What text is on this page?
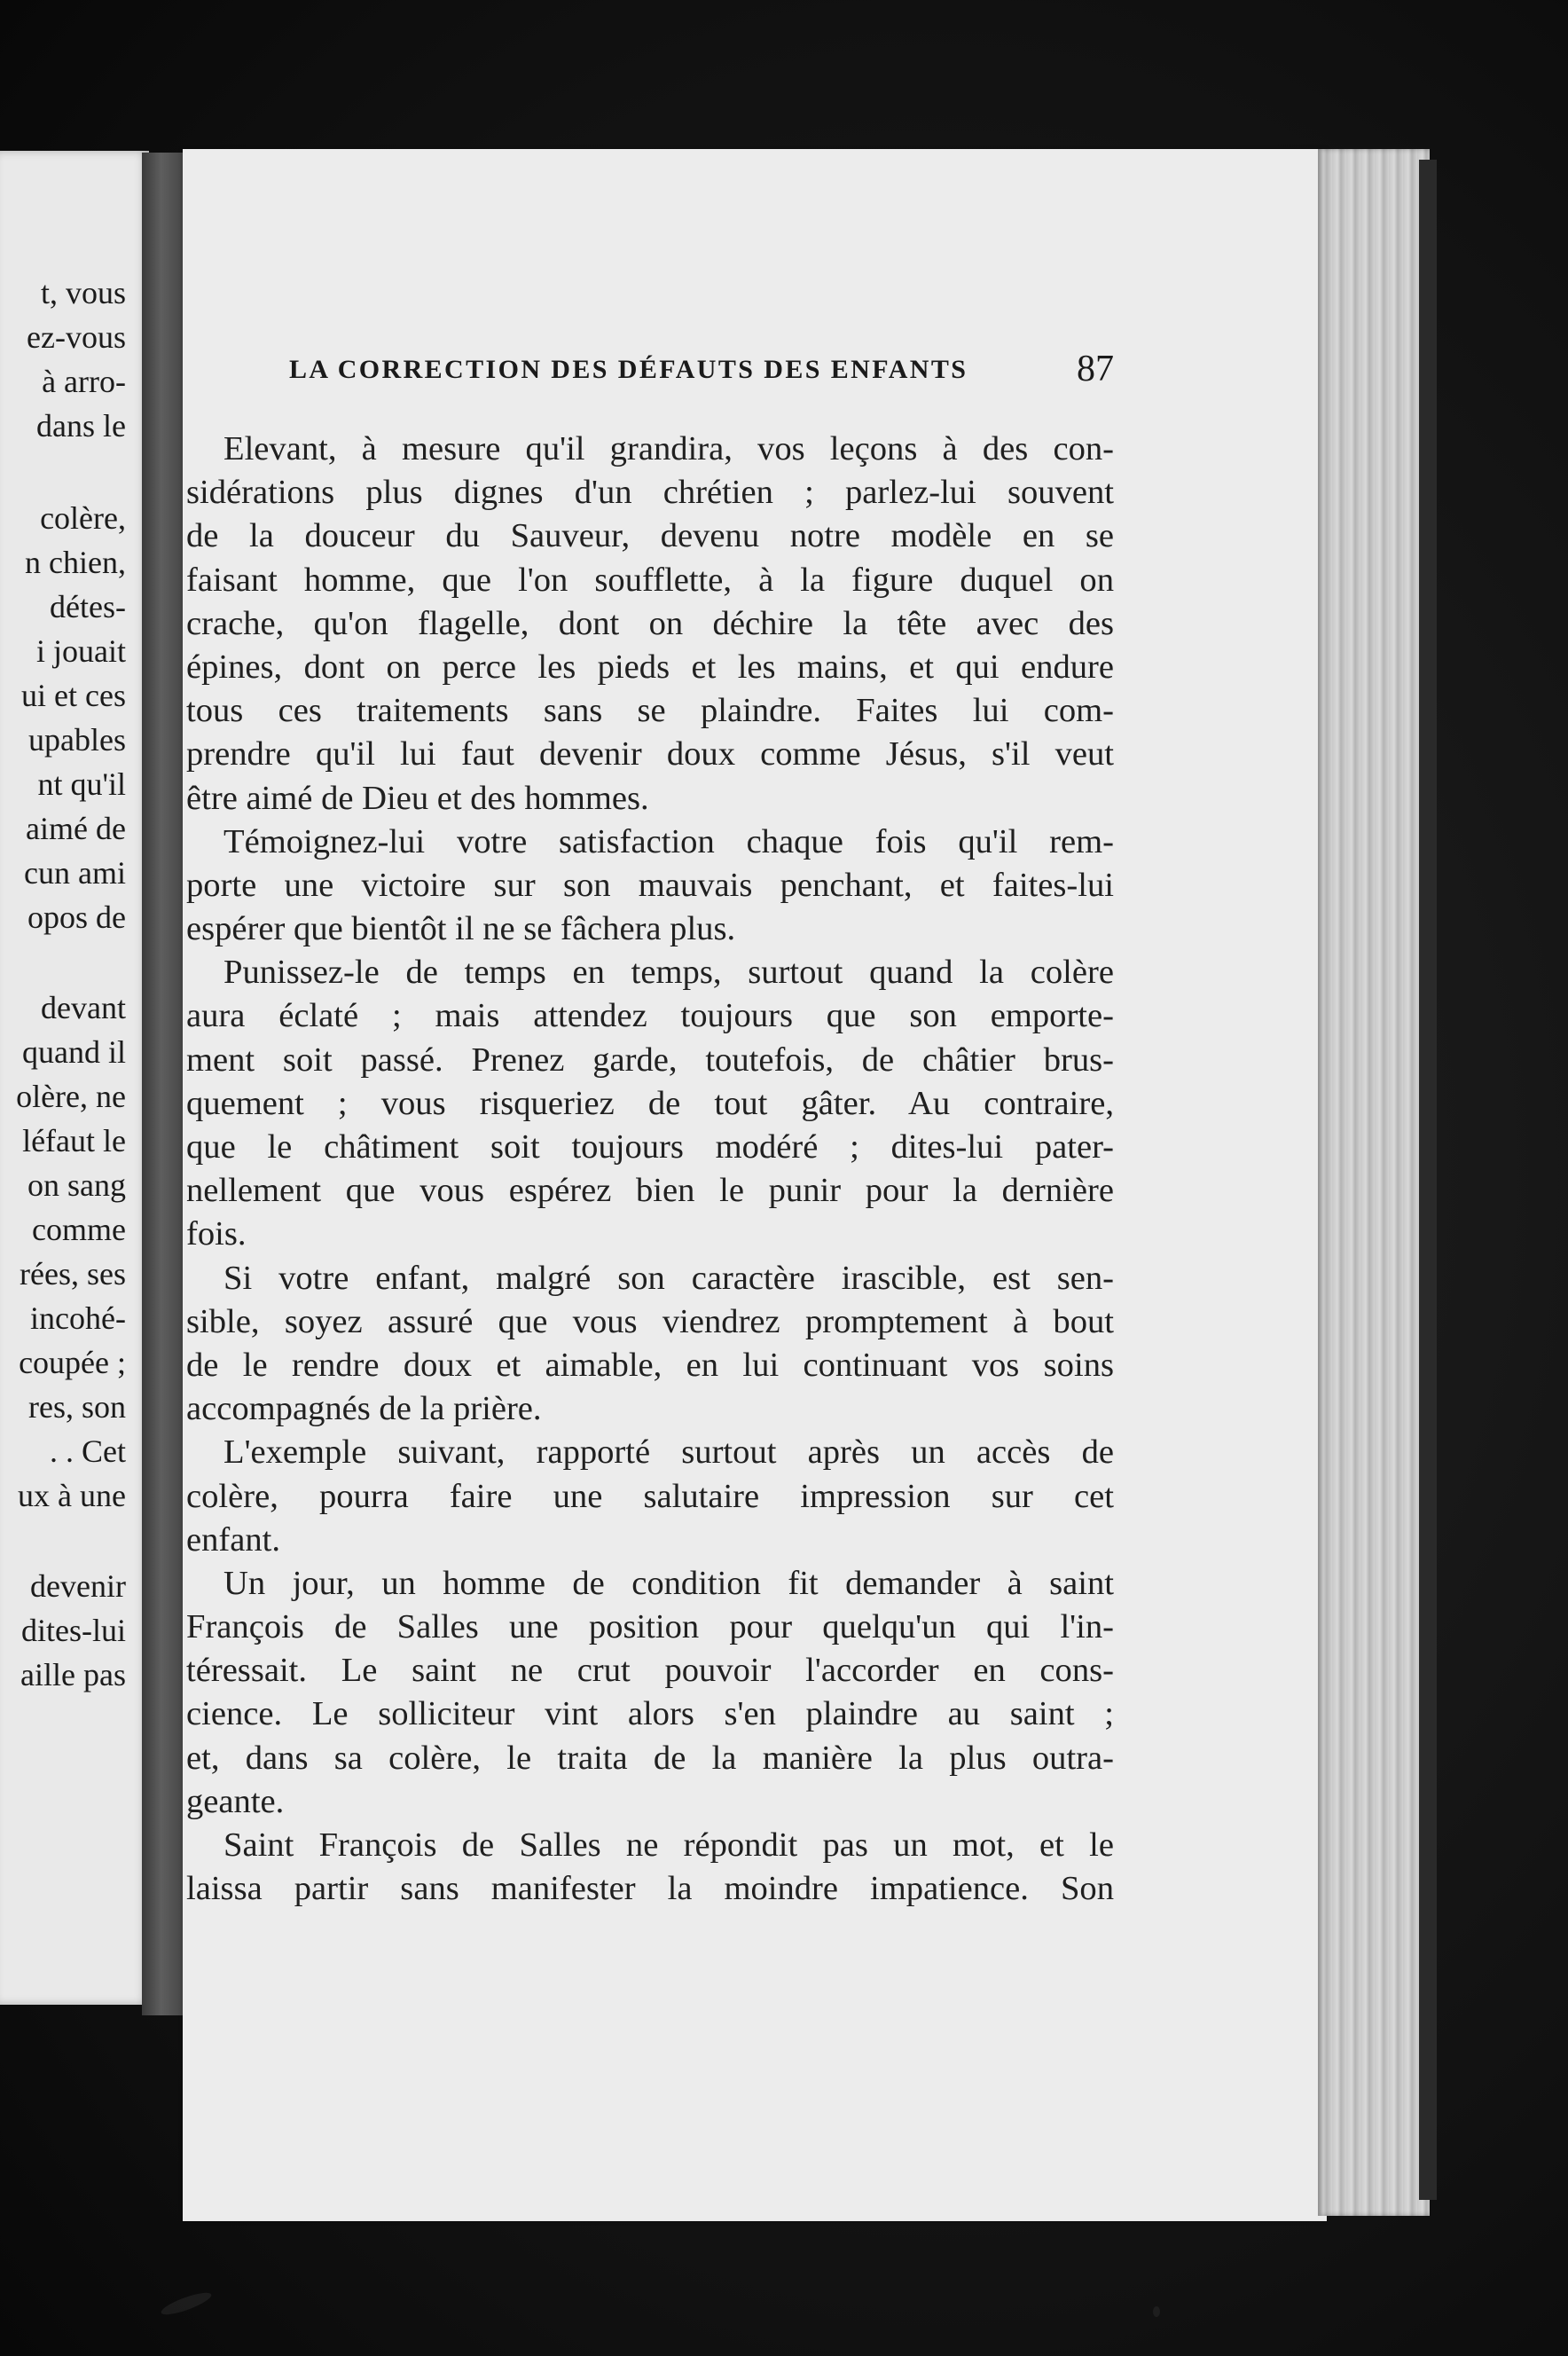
t, vous
ez-vous
à arro-
dans le
colère,
n chien,
détes-
i jouait
ui et ces
upables
nt qu'il
aimé de
cun ami
opos de
devant
quand il
olère, ne
léfaut le
on sang
comme
rées, ses
incohé-
coupée ;
res, son
. . Cet
ux à une
devenir
dites-lui
aille pas
LA CORRECTION DES DÉFAUTS DES ENFANTS	87
Elevant, à mesure qu'il grandira, vos leçons à des con-
sidérations plus dignes d'un chrétien ; parlez-lui souvent
de la douceur du Sauveur, devenu notre modèle en se
faisant homme, que l'on soufflette, à la figure duquel on
crache, qu'on flagelle, dont on déchire la tête avec des
épines, dont on perce les pieds et les mains, et qui endure
tous ces traitements sans se plaindre. Faites lui com-
prendre qu'il lui faut devenir doux comme Jésus, s'il veut
être aimé de Dieu et des hommes.
Témoignez-lui votre satisfaction chaque fois qu'il rem-
porte une victoire sur son mauvais penchant, et faites-lui
espérer que bientôt il ne se fâchera plus.
Punissez-le de temps en temps, surtout quand la colère
aura éclaté ; mais attendez toujours que son emporte-
ment soit passé. Prenez garde, toutefois, de châtier brus-
quement ; vous risqueriez de tout gâter. Au contraire,
que le châtiment soit toujours modéré ; dites-lui pater-
nellement que vous espérez bien le punir pour la dernière
fois.
Si votre enfant, malgré son caractère irascible, est sen-
sible, soyez assuré que vous viendrez promptement à bout
de le rendre doux et aimable, en lui continuant vos soins
accompagnés de la prière.
L'exemple suivant, rapporté surtout après un accès de
colère, pourra faire une salutaire impression sur cet
enfant.
Un jour, un homme de condition fit demander à saint
François de Salles une position pour quelqu'un qui l'in-
téressait. Le saint ne crut pouvoir l'accorder en cons-
cience. Le solliciteur vint alors s'en plaindre au saint ;
et, dans sa colère, le traita de la manière la plus outra-
geante.
Saint François de Salles ne répondit pas un mot, et le
laissa partir sans manifester la moindre impatience. Son
